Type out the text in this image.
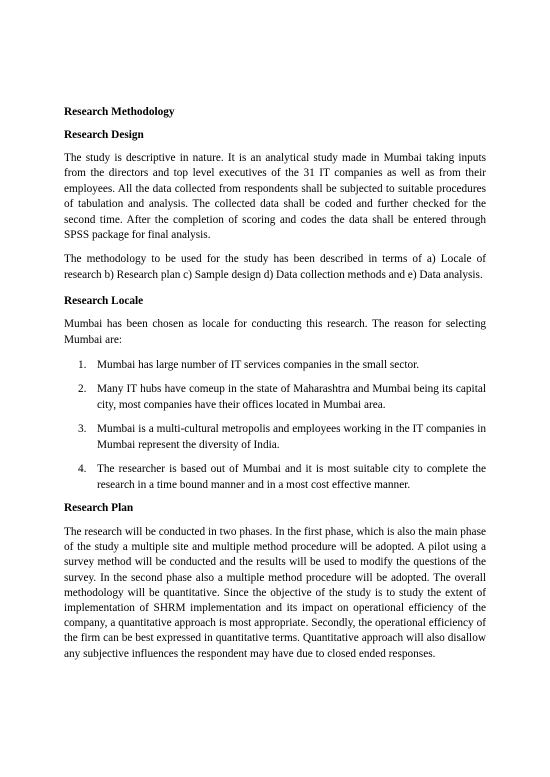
Research Methodology
Research Design
The study is descriptive in nature. It is an analytical study made in Mumbai taking inputs from the directors and top level executives of the 31 IT companies as well as from their employees. All the data collected from respondents shall be subjected to suitable procedures of tabulation and analysis. The collected data shall be coded and further checked for the second time. After the completion of scoring and codes the data shall be entered through SPSS package for final analysis.
The methodology to be used for the study has been described in terms of a) Locale of research b) Research plan c) Sample design d) Data collection methods and e) Data analysis.
Research Locale
Mumbai has been chosen as locale for conducting this research. The reason for selecting Mumbai are:
1. Mumbai has large number of IT services companies in the small sector.
2. Many IT hubs have comeup in the state of Maharashtra and Mumbai being its capital city, most companies have their offices located in Mumbai area.
3. Mumbai is a multi-cultural metropolis and employees working in the IT companies in Mumbai represent the diversity of India.
4. The researcher is based out of Mumbai and it is most suitable city to complete the research in a time bound manner and in a most cost effective manner.
Research Plan
The research will be conducted in two phases. In the first phase, which is also the main phase of the study a multiple site and multiple method procedure will be adopted. A pilot using a survey method will be conducted and the results will be used to modify the questions of the survey. In the second phase also a multiple method procedure will be adopted. The overall methodology will be quantitative. Since the objective of the study is to study the extent of implementation of SHRM implementation and its impact on operational efficiency of the company, a quantitative approach is most appropriate. Secondly, the operational efficiency of the firm can be best expressed in quantitative terms. Quantitative approach will also disallow any subjective influences the respondent may have due to closed ended responses.
